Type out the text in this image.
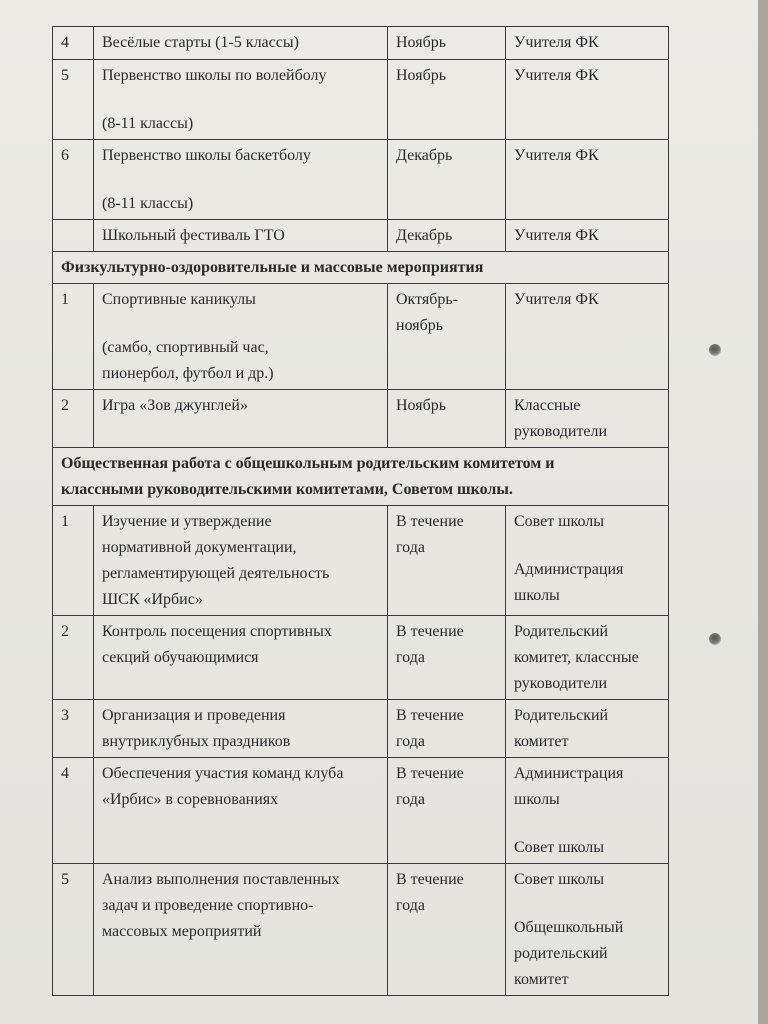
4	Весёлые старты (1-5 классы)	Ноябрь	Учителя ФК

5	Первенство школы по волейболу
(8-11 классы)	Ноябрь	Учителя ФК

6	Первенство школы баскетболу
(8-11 классы)	Декабрь	Учителя ФК

	Школьный фестиваль ГТО	Декабрь	Учителя ФК

Физкультурно-оздоровительные и массовые мероприятия			

1	Спортивные каникулы
(самбо, спортивный час,
пионербол, футбол и др.)	Октябрь-
ноябрь	Учителя ФК

2	Игра «Зов джунглей»	Ноябрь	Классные
руководители

Общественная работа с общешкольным родительским комитетом и
классными руководительскими комитетами, Советом школы.			

1	Изучение и утверждение
нормативной документации,
регламентирующей деятельность
ШСК «Ирбис»	В течение
года	Совет школы
Администрация
школы

2	Контроль посещения спортивных
секций обучающимися	В течение
года	Родительский
комитет, классные
руководители

3	Организация и проведения
внутриклубных праздников	В течение
года	Родительский
комитет

4	Обеспечения участия команд клуба
«Ирбис» в соревнованиях	В течение
года	Администрация
школы
Совет школы

5	Анализ выполнения поставленных
задач и проведение спортивно-
массовых мероприятий	В течение
года	Совет школы
Общешкольный
родительский
комитет
